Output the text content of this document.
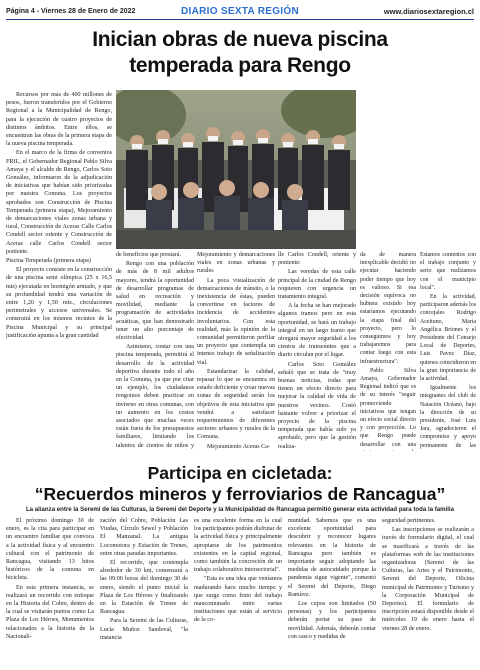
Página 4 - Viernes 28 de Enero de 2022	DIARIO SEXTA REGIÓN	www.diariosextaregion.cl
Inician obras de nueva piscina
temperada para Rengo

Recursos por más de 400 millones de pesos, fueron transferidos por el Gobierno Regional a la Municipalidad de Rengo, para la ejecución de cuatro proyectos de distintos ámbitos. Entre ellos, se encuentran las obras de la primera etapa de la nueva piscina temperada.

En el marco de la firma de convenios FRIL, el Gobernador Regional Pablo Silva Amaya y el alcalde de Rengo, Carlos Soto González, informaron de la adjudicación de iniciativas que habían sido priorizadas por nuestra Comuna. Los proyectos aprobados son Construcción de Piscina Temperada (primera etapa), Mejoramiento de demarcaciones viales zonas urbana y rural, Construcción de Aceras Calle Carlos Condell sector oriente y Construcción de Aceras calle Carlos Condell sector poniente.

Piscina Temperada (primera etapa)

El proyecto consiste en la construcción de una piscina semi olímpica (25 x 16,5 mts) ejecutada en hormigón armado, y que su profundidad tendrá una variación de entre 1,20 y 1,50 mts., circulaciones perimetrales y accesos universales. Se construirá en los mismos recintos de la Piscina Municipal y su principal justificación apunta a la gran cantidad

de beneficios que prestará.

Rengo con una población de más de 8 mil adultos mayores, tendrá la oportunidad de desarrollar programas de salud en recreación y movilidad, mediante la programación de actividades acuáticas, que han demostrado tener un alto porcentaje de efectividad.

Asimismo, contar con una piscina temperada, permitirá el desarrollo de la actividad deportiva durante todo el año en la Comuna, ya que por citar un ejemplo, los ciudadanos rengoinos deben practicar en invierno en otras comunas, con un aumento en los costos asociados que muchas veces están fuera de los presupuestos familiares, limitando los talentos de cientos de niños y

Mejoramiento y demarcaciones viales en zonas urbanas y rurales

La poca visualización de demarcaciones de tránsito, o la inexistencia de éstas, pueden convertirse en factores de incidencia de accidentes involuntarios. Con esta realidad, más la opinión de la comunidad permitieron perfilar un proyecto que contempla un intenso trabajo de señalización vial.

Estandarizar la calidad, repasar lo que se encuentra en estado deficiente y crear nuevas zonas de seguridad serán los objetivos de esta iniciativa que vendrá a satisfacer requerimientos de diferentes sectores urbanos y rurales de la Comuna.

Mejoramiento Aceras Ca-

lle Carlos Condell, oriente y poniente:

Las veredas de esta calle principal de la ciudad de Rengo requieren con urgencia un tratamiento integral.

A la fecha se han mejorado algunos tramos pero en esta oportunidad, se hará un trabajo integral en un largo tramo que otorgará mayor seguridad a los cientos de transeúntes que a diario circulan por el lugar.

Carlos Soto González señaló que se trata de "muy buenas noticias, todas que tienen un efecto directo para mejorar la calidad de vida de nuestros vecinos. Costó bastante volver a priorizar el proyecto de la piscina temperada que había sido ya aprobado, pero que la gestión realiza-

da de manera inexplicable decidió no ejecutar haciendo poder tiempo que hoy es valioso. Si esa decisión equívoca no hubiera existido hoy estaríamos ejecutando la etapa final del proyecto, pero lo conseguimos y hoy trabajaremos para contar luego con esta infraestructura".

Pablo Silva Amaya, Gobernador Regional indicó que es de su interés "seguir promoviendo iniciativas que tengan un efecto social directo y con proyección. Lo que Rengo puede desarrollar con una

Estamos contentos con el trabajo conjunto y serio que realizamos con el municipio local".

En la actividad, participaron además los concejales Rodrigo Aceituno, María Angélica Briones y el Presidente del Consejo Local de Deportes, Luis Pavez Díaz, quienes coincidieron en la gran importancia de la actividad.

Igualmente los integrantes del club de Natación Océano, bajo la dirección de su presidente, José Luis Jara, agradecieron el compromiso y apoyo permanente de las

Participa en cicletada:
“Recuerdos mineros y ferroviarios de Rancagua”
La alianza entre la Seremi de las Culturas, la Seremi del Deporte y la Municipalidad de Rancagua permitió generar esta actividad para toda la familia

El próximo domingo 30 de enero, es la cita para participar en un encuentro familiar que convoca a la actividad física y al encuentro cultural con el patrimonio de Rancagua, visitando 13 hitos históricos de la comuna en bicicleta.

En esta primera instancia, se realizará un recorrido con enfoque en la Historia del Cobre, dentro de la cual se visitarán puntos como La Plaza de Los Héroes, Monumentos relacionados a la historia de la Nacionali-

zación del Cobre, Población Las Viudas, Círculo Sewel y Población El Manzanal. La antigua Locomotora y Estación de Trenes, entre otras paradas importantes.

El recorrido, que contempla alrededor de 30 km, comenzará a las 09:00 horas del domingo 30 de enero, siendo el punto inicial la Plaza de Los Héroes y finalizando en la Estación de Trenes de Rancagua.

Para la Seremi de las Culturas, Lucía Muñoz Sandoval, "la instancia

es una excelente forma en la cual los participantes podrán disfrutar de la actividad física y principalmente apropiarse de los patrimonios existentes en la capital regional, como también la concreción de un trabajo colaborativo intersectorial".

"Esta es una idea que veníamos madurando hace mucho tiempo y que surge como fruto del trabajo mancomunado entre varias instituciones que están al servicio de la co-

munidad. Sabemos que es una excelente oportunidad para descubrir y reconocer lugares relevantes en la historia de Rancagua pero también es importante seguir adoptando las medidas de autocuidado porque la pandemia sigue vigente", comentó el Seremi del Deporte, Diego Ramírez.

Los cupos son limitados (50 personas) y los participantes deberán portar su pase de movilidad. Además, deberán contar con casco y medidas de

seguridad pertinentes.

Las inscripciones se realizarán a través de formulario digital, el cual se masificará a través de las plataformas web de las instituciones organizadoras (Seremi de las Culturas, las Artes y el Patrimonio, Seremi del Deporte, Oficina municipal de Patrimonio y Turismo y la Corporación Municipal de Deportes). El formulario de inscripción estará disponible desde el miércoles 19 de enero hasta el viernes 28 de enero.
